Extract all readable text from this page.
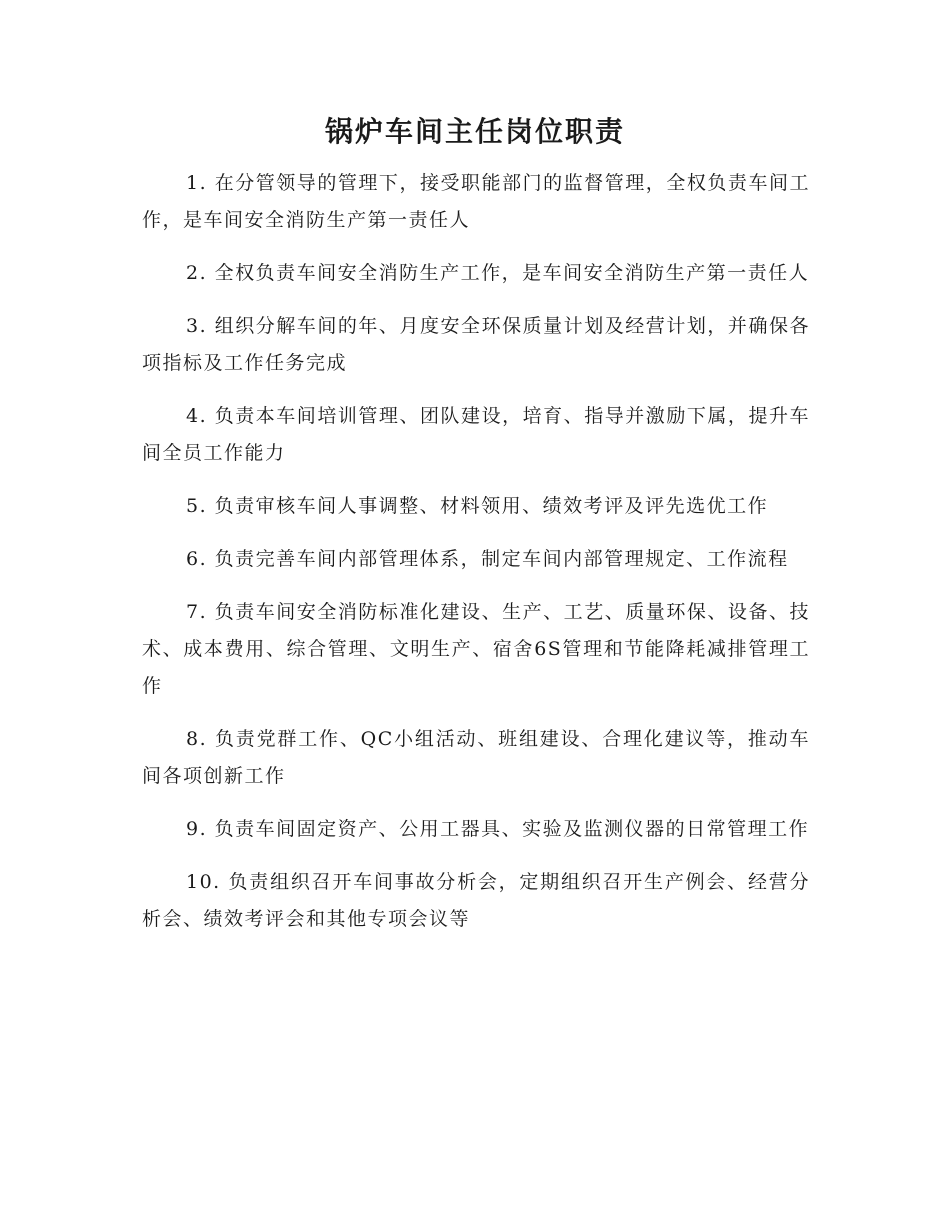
锅炉车间主任岗位职责
1. 在分管领导的管理下，接受职能部门的监督管理，全权负责车间工作，是车间安全消防生产第一责任人
2. 全权负责车间安全消防生产工作，是车间安全消防生产第一责任人
3. 组织分解车间的年、月度安全环保质量计划及经营计划，并确保各项指标及工作任务完成
4. 负责本车间培训管理、团队建设，培育、指导并激励下属，提升车间全员工作能力
5. 负责审核车间人事调整、材料领用、绩效考评及评先选优工作
6. 负责完善车间内部管理体系，制定车间内部管理规定、工作流程
7. 负责车间安全消防标准化建设、生产、工艺、质量环保、设备、技术、成本费用、综合管理、文明生产、宿舍6S管理和节能降耗减排管理工作
8. 负责党群工作、QC小组活动、班组建设、合理化建议等，推动车间各项创新工作
9. 负责车间固定资产、公用工器具、实验及监测仪器的日常管理工作
10. 负责组织召开车间事故分析会，定期组织召开生产例会、经营分析会、绩效考评会和其他专项会议等
